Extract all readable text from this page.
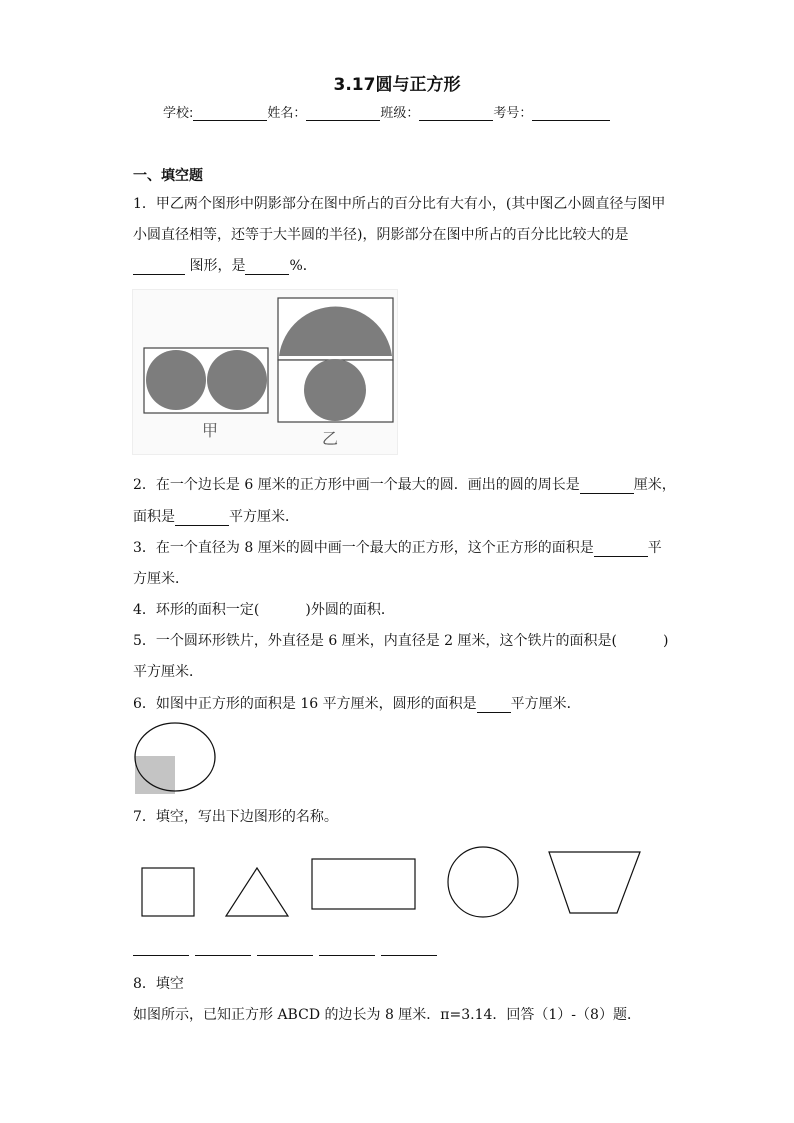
3.17圆与正方形
学校:	姓名：	班级：	考号：
一、填空题
1．甲乙两个图形中阴影部分在图中所占的百分比有大有小，(其中图乙小圆直径与图甲
小圆直径相等，还等于大半圆的半径)，阴影部分在图中所占的百分比比较大的是
图形，是	%．
甲	乙
2．在一个边长是 6 厘米的正方形中画一个最大的圆．画出的圆的周长是	厘米，
面积是	平方厘米．
3．在一个直径为 8 厘米的圆中画一个最大的正方形，这个正方形的面积是	平
方厘米．
4．环形的面积一定(	)外圆的面积．
5．一个圆环形铁片，外直径是 6 厘米，内直径是 2 厘米，这个铁片的面积是(	)
平方厘米．
6．如图中正方形的面积是 16 平方厘米，圆形的面积是 平方厘米．
7．填空，写出下边图形的名称。
8．填空
如图所示，已知正方形 ABCD 的边长为 8 厘米．π=3.14．回答（1）-（8）题．
